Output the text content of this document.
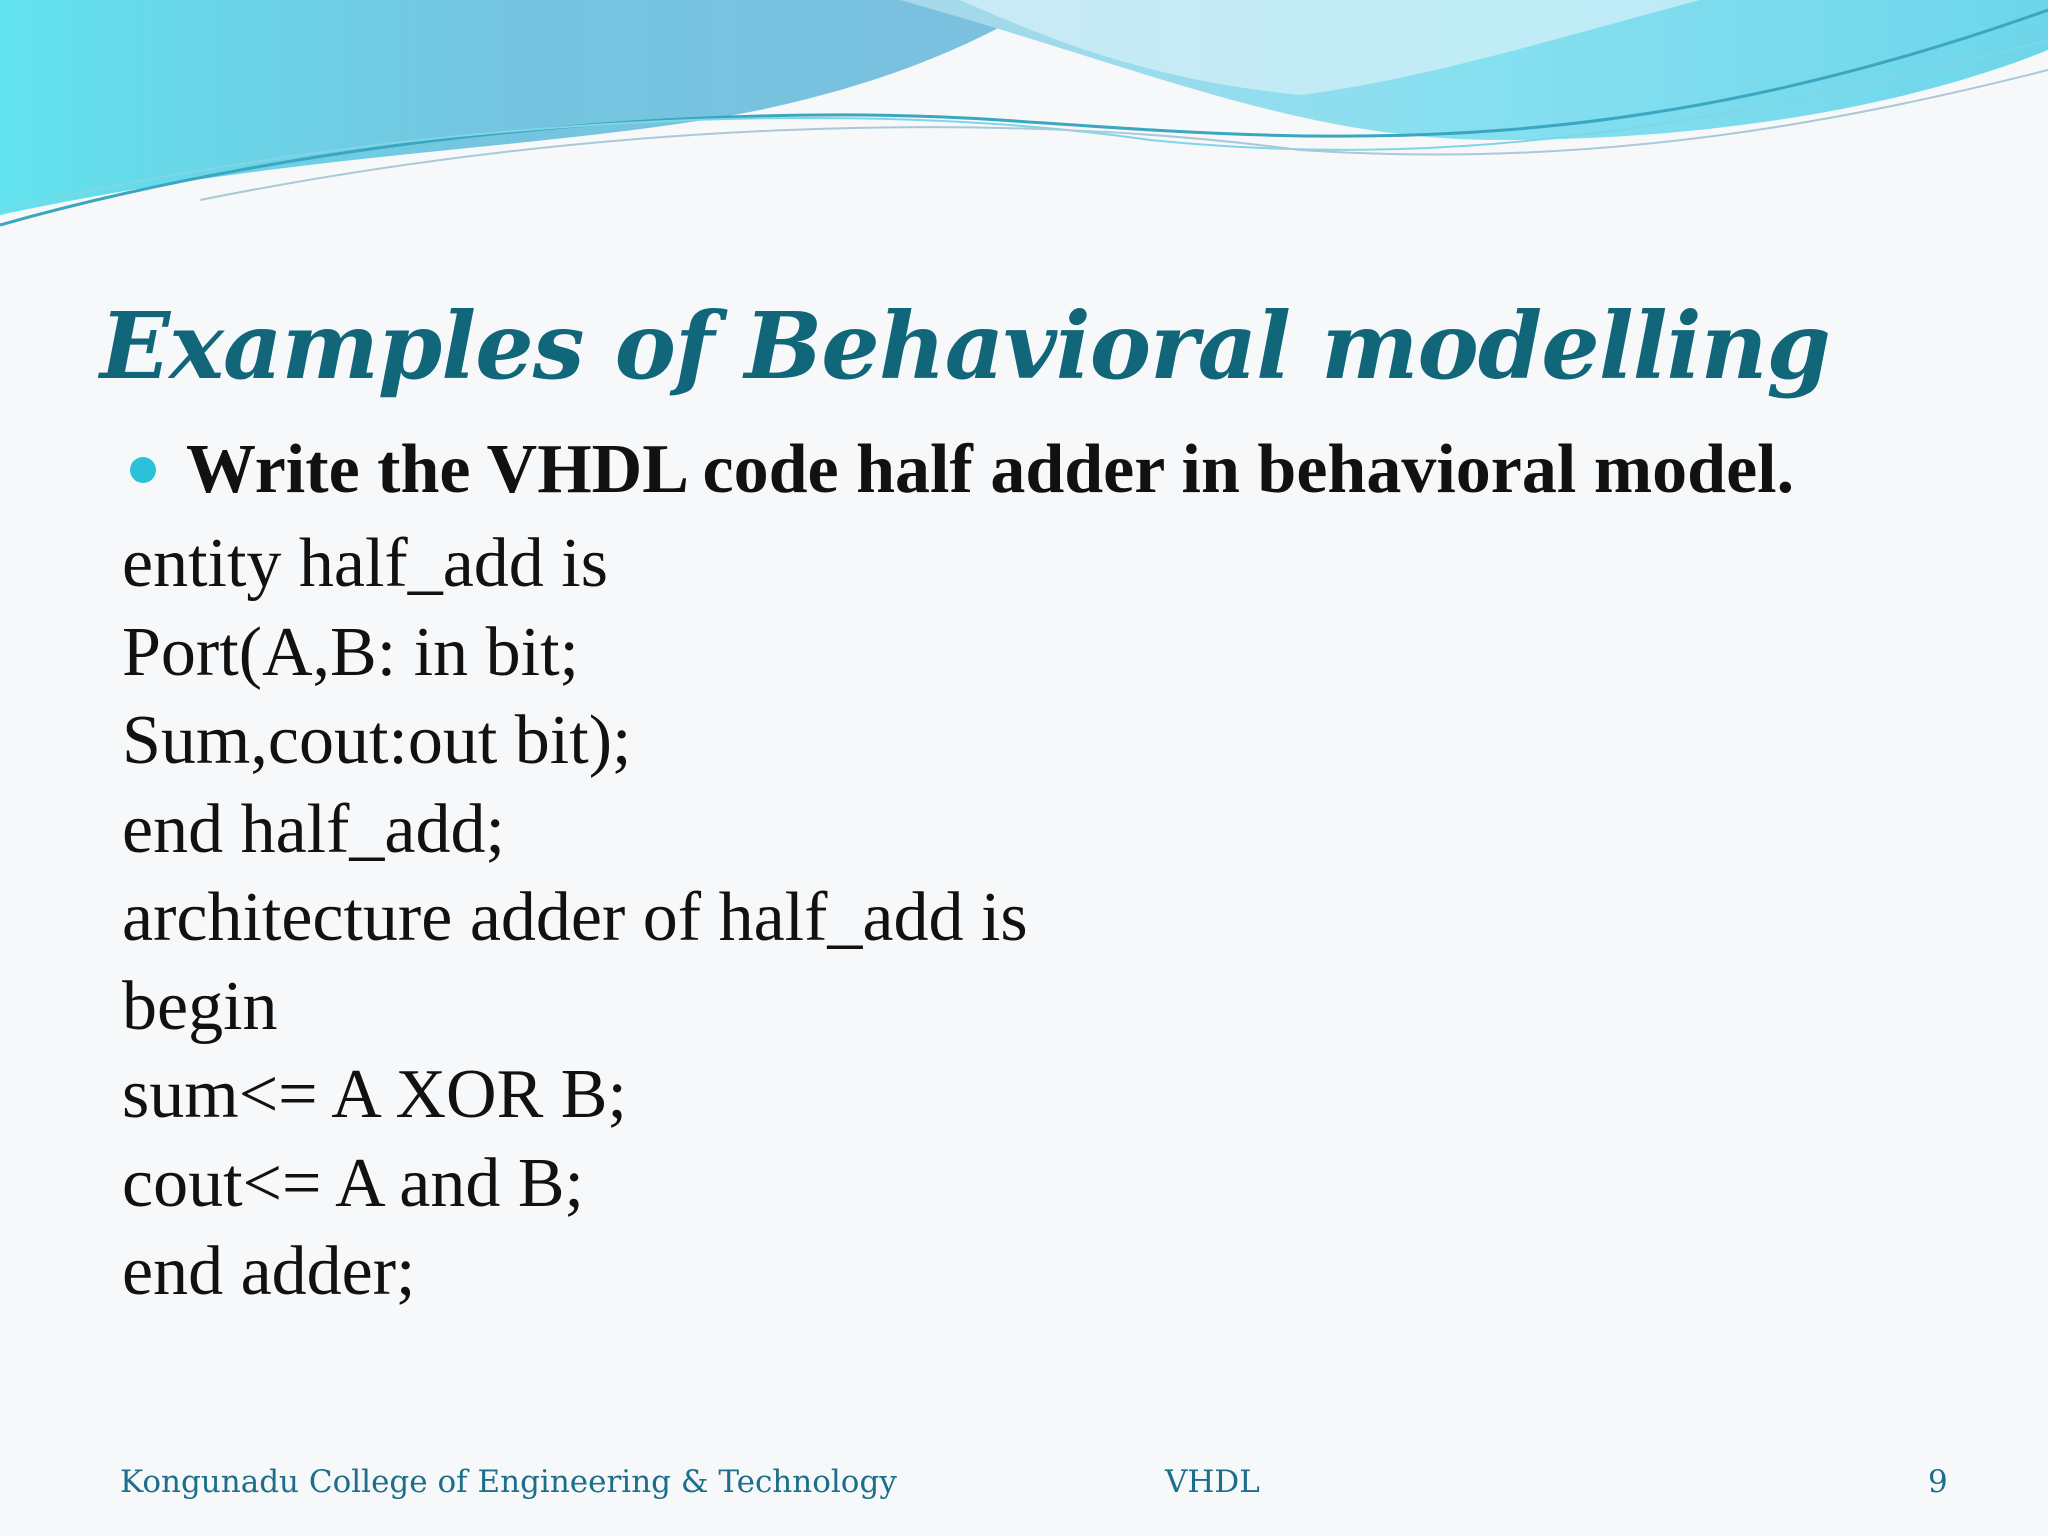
Examples of Behavioral modelling
Write the VHDL code half adder in behavioral model.
entity half_add is
Port(A,B: in bit;
Sum,cout:out bit);
end half_add;
architecture adder of half_add is
begin
sum<= A XOR B;
cout<= A and B;
end adder;
Kongunadu College of Engineering & Technology	VHDL	9
